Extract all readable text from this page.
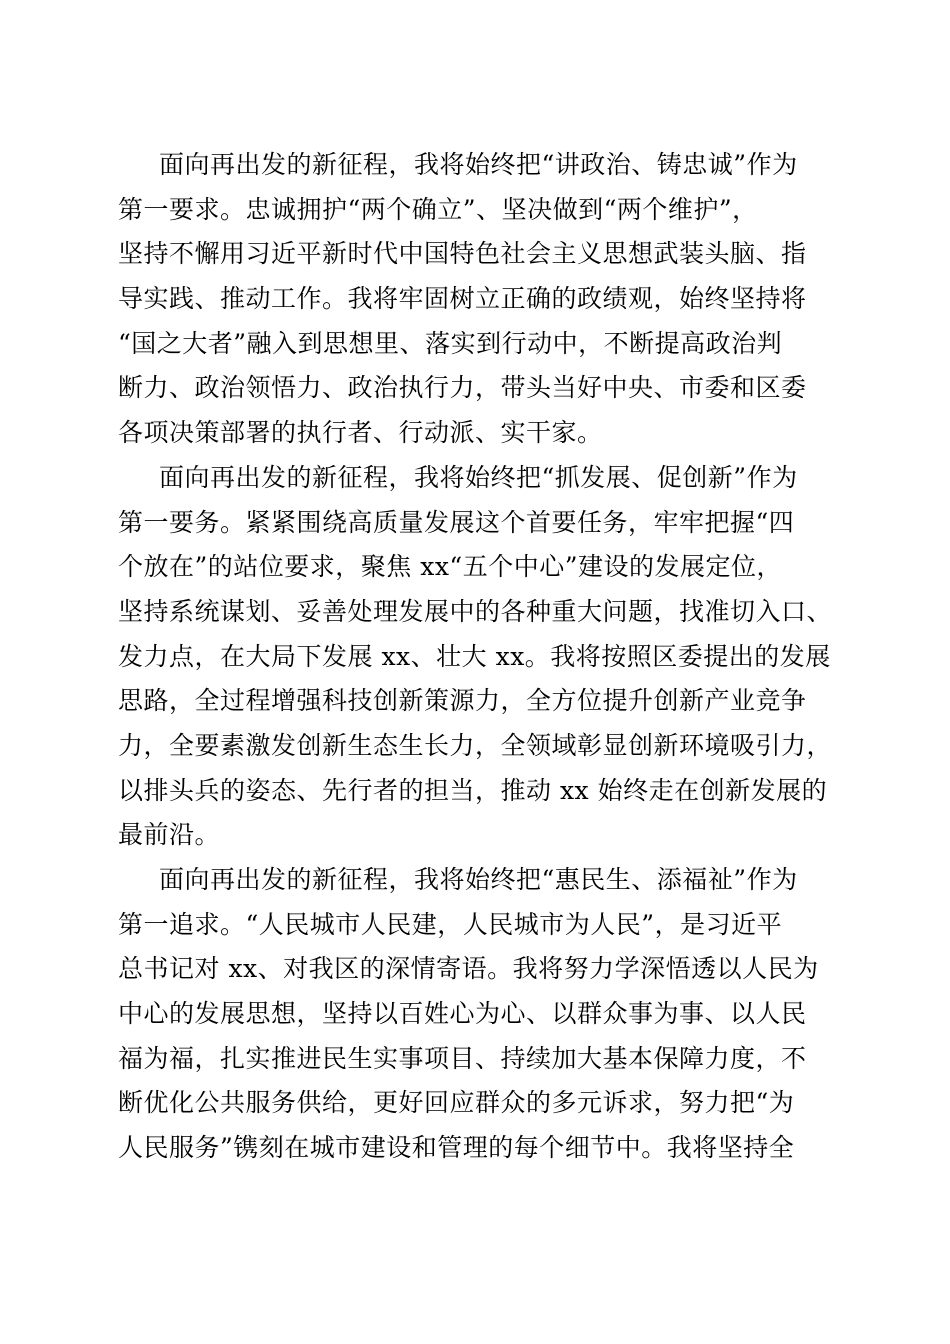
面向再出发的新征程，我将始终把“讲政治、铸忠诚”作为
第一要求。忠诚拥护“两个确立”、坚决做到“两个维护”，
坚持不懈用习近平新时代中国特色社会主义思想武装头脑、指
导实践、推动工作。我将牢固树立正确的政绩观，始终坚持将
“国之大者”融入到思想里、落实到行动中，不断提高政治判
断力、政治领悟力、政治执行力，带头当好中央、市委和区委
各项决策部署的执行者、行动派、实干家。
面向再出发的新征程，我将始终把“抓发展、促创新”作为
第一要务。紧紧围绕高质量发展这个首要任务，牢牢把握“四
个放在”的站位要求，聚焦 xx“五个中心”建设的发展定位，
坚持系统谋划、妥善处理发展中的各种重大问题，找准切入口、
发力点，在大局下发展 xx、壮大 xx。我将按照区委提出的发展
思路，全过程增强科技创新策源力，全方位提升创新产业竞争
力，全要素激发创新生态生长力，全领域彰显创新环境吸引力，
以排头兵的姿态、先行者的担当，推动 xx 始终走在创新发展的
最前沿。
面向再出发的新征程，我将始终把“惠民生、添福祉”作为
第一追求。“人民城市人民建，人民城市为人民”，是习近平
总书记对 xx、对我区的深情寄语。我将努力学深悟透以人民为
中心的发展思想，坚持以百姓心为心、以群众事为事、以人民
福为福，扎实推进民生实事项目、持续加大基本保障力度，不
断优化公共服务供给，更好回应群众的多元诉求，努力把“为
人民服务”镌刻在城市建设和管理的每个细节中。我将坚持全
